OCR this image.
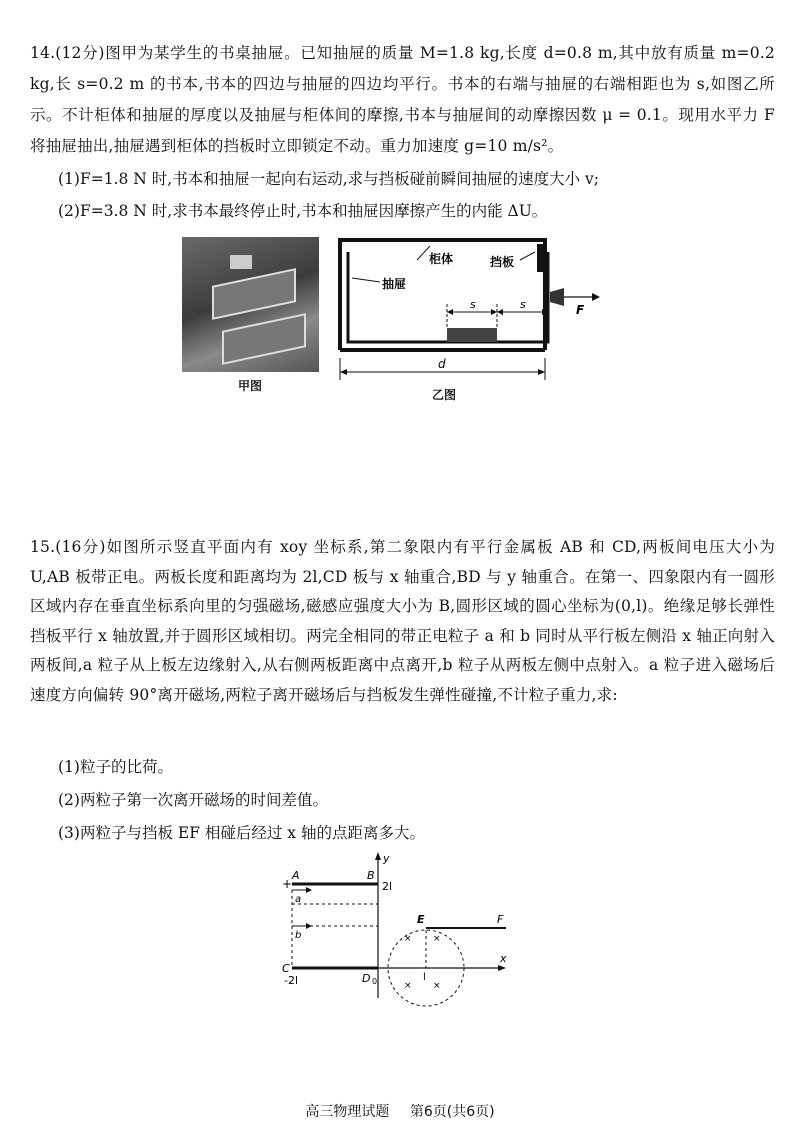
14.(12分)图甲为某学生的书桌抽屉。已知抽屉的质量 M=1.8 kg,长度 d=0.8 m,其中放有质量 m=0.2 kg,长 s=0.2 m 的书本,书本的四边与抽屉的四边均平行。书本的右端与抽屉的右端相距也为 s,如图乙所示。不计柜体和抽屉的厚度以及抽屉与柜体间的摩擦,书本与抽屉间的动摩擦因数 μ = 0.1。现用水平力 F 将抽屉抽出,抽屉遇到柜体的挡板时立即锁定不动。重力加速度 g=10 m/s²。
(1)F=1.8 N 时,书本和抽屉一起向右运动,求与挡板碰前瞬间抽屉的速度大小 v;
(2)F=3.8 N 时,求书本最终停止时,书本和抽屉因摩擦产生的内能 ΔU。
甲图
s	s
d
F
柜体	挡板
抽屉
乙图
15.(16分)如图所示竖直平面内有 xoy 坐标系,第二象限内有平行金属板 AB 和 CD,两板间电压大小为 U,AB 板带正电。两板长度和距离均为 2l,CD 板与 x 轴重合,BD 与 y 轴重合。在第一、四象限内有一圆形区域内存在垂直坐标系向里的匀强磁场,磁感应强度大小为 B,圆形区域的圆心坐标为(0,l)。绝缘足够长弹性挡板平行 x 轴放置,并于圆形区域相切。两完全相同的带正电粒子 a 和 b 同时从平行板左侧沿 x 轴正向射入两板间,a 粒子从上板左边缘射入,从右侧两板距离中点离开,b 粒子从两板左侧中点射入。a 粒子进入磁场后速度方向偏转 90°离开磁场,两粒子离开磁场后与挡板发生弹性碰撞,不计粒子重力,求:
(1)粒子的比荷。
(2)两粒子第一次离开磁场的时间差值。
(3)两粒子与挡板 EF 相碰后经过 x 轴的点距离多大。
y
x
+
A	B
2l
C
-2l	D 0
a
b
l
× ×
× ×
E	F
高三物理试题 第6页(共6页)
